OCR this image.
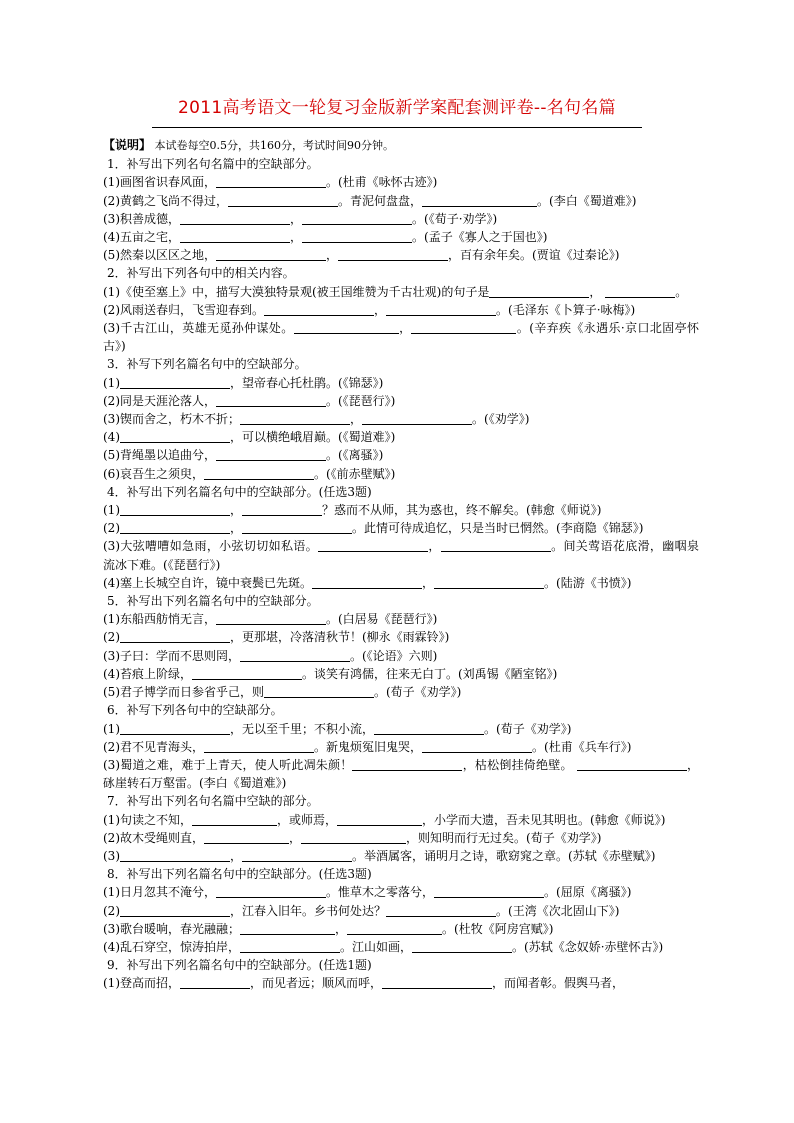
2011高考语文一轮复习金版新学案配套测评卷--名句名篇
【说明】 本试卷每空0.5分，共160分，考试时间90分钟。
1．补写出下列名句名篇中的空缺部分。
(1)画图省识春风面，	。(杜甫《咏怀古迹》)
(2)黄鹤之飞尚不得过，	。青泥何盘盘，	。(李白《蜀道难》)
(3)积善成德，	，	。(《荀子·劝学》)
(4)五亩之宅，	，	。(孟子《寡人之于国也》)
(5)然秦以区区之地，	，	，百有余年矣。(贾谊《过秦论》)
2．补写出下列各句中的相关内容。
(1)《使至塞上》中，描写大漠独特景观(被王国维赞为千古壮观)的句子是	，	。
(2)风雨送春归，飞雪迎春到。	，	。(毛泽东《卜算子·咏梅》)
(3)千古江山，英雄无觅孙仲谋处。	，	。(辛弃疾《永遇乐·京口北固亭怀古》)
3．补写下列名篇名句中的空缺部分。
(1)	，望帝春心托杜鹃。(《锦瑟》)
(2)同是天涯沦落人，	。(《琵琶行》)
(3)锲而舍之，朽木不折；	，	。(《劝学》)
(4)	，可以横绝峨眉巅。(《蜀道难》)
(5)背绳墨以追曲兮，	。(《离骚》)
(6)哀吾生之须臾，	。(《前赤壁赋》)
4．补写出下列名篇名句中的空缺部分。(任选3题)
(1)	，	？惑而不从师，其为惑也，终不解矣。(韩愈《师说》)
(2)	，	。此情可待成追忆，只是当时已惘然。(李商隐《锦瑟》)
(3)大弦嘈嘈如急雨，小弦切切如私语。	，	。间关莺语花底滑，幽咽泉流冰下难。(《琵琶行》)
(4)塞上长城空自许，镜中衰鬓已先斑。	，	。(陆游《书愤》)
5．补写出下列名篇名句中的空缺部分。
(1)东船西舫悄无言，	。(白居易《琵琶行》)
(2)	，更那堪，冷落清秋节！(柳永《雨霖铃》)
(3)子曰：学而不思则罔，	。(《论语》六则)
(4)苔痕上阶绿，	。谈笑有鸿儒，往来无白丁。(刘禹锡《陋室铭》)
(5)君子博学而日参省乎己，则	。(荀子《劝学》)
6．补写下列各句中的空缺部分。
(1)	，无以至千里；不积小流，	。(荀子《劝学》)
(2)君不见青海头，	。新鬼烦冤旧鬼哭，	。(杜甫《兵车行》)
(3)蜀道之难，难于上青天，使人听此凋朱颜！	，枯松倒挂倚绝壁。	，砯崖转石万壑雷。(李白《蜀道难》)
7．补写出下列名句名篇中空缺的部分。
(1)句读之不知，	，或师焉，	，小学而大遗，吾未见其明也。(韩愈《师说》)
(2)故木受绳则直，	，	，则知明而行无过矣。(荀子《劝学》)
(3)	，	。举酒属客，诵明月之诗，歌窈窕之章。(苏轼《赤壁赋》)
8．补写出下列名篇名句中的空缺部分。(任选3题)
(1)日月忽其不淹兮，	。惟草木之零落兮，	。(屈原《离骚》)
(2)	，江春入旧年。乡书何处达？	。(王湾《次北固山下》)
(3)歌台暖响，春光融融；	，	。(杜牧《阿房宫赋》)
(4)乱石穿空，惊涛拍岸，	。江山如画，	。(苏轼《念奴娇·赤壁怀古》)
9．补写出下列名篇名句中的空缺部分。(任选1题)
(1)登高而招，	，而见者远；顺风而呼，	，而闻者彰。假舆马者，
